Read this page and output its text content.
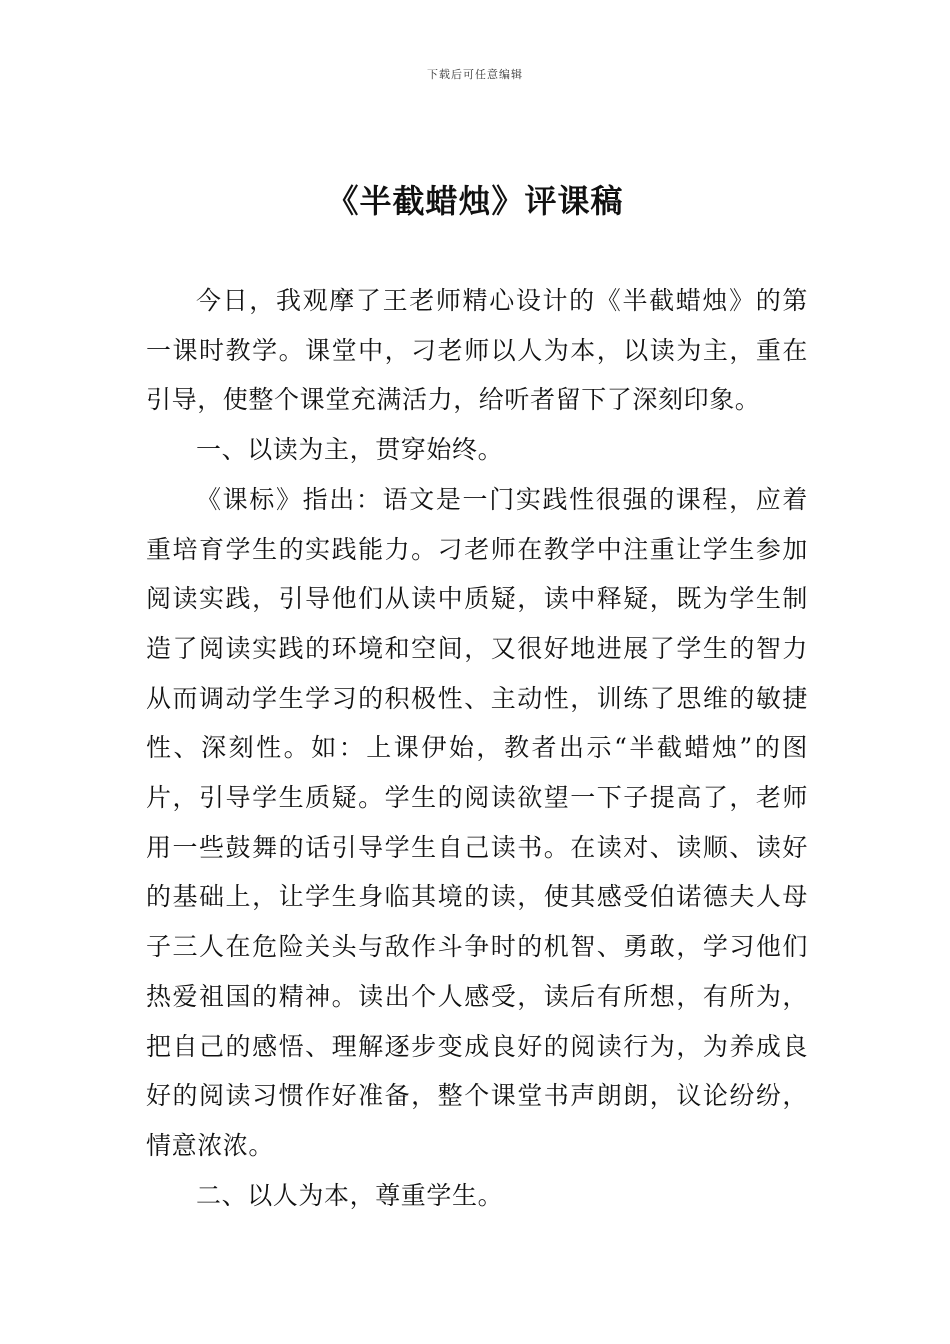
下载后可任意编辑
《半截蜡烛》评课稿

今日，我观摩了王老师精心设计的《半截蜡烛》的第一课时教学。课堂中，刁老师以人为本，以读为主，重在引导，使整个课堂充满活力，给听者留下了深刻印象。

一、以读为主，贯穿始终。

《课标》指出：语文是一门实践性很强的课程，应着重培育学生的实践能力。刁老师在教学中注重让学生参加阅读实践，引导他们从读中质疑，读中释疑，既为学生制造了阅读实践的环境和空间，又很好地进展了学生的智力从而调动学生学习的积极性、主动性，训练了思维的敏捷性、深刻性。如：上课伊始，教者出示“半截蜡烛”的图片，引导学生质疑。学生的阅读欲望一下子提高了，老师用一些鼓舞的话引导学生自己读书。在读对、读顺、读好的基础上，让学生身临其境的读，使其感受伯诺德夫人母子三人在危险关头与敌作斗争时的机智、勇敢，学习他们热爱祖国的精神。读出个人感受，读后有所想，有所为，把自己的感悟、理解逐步变成良好的阅读行为，为养成良好的阅读习惯作好准备，整个课堂书声朗朗，议论纷纷，情意浓浓。

二、以人为本，尊重学生。
